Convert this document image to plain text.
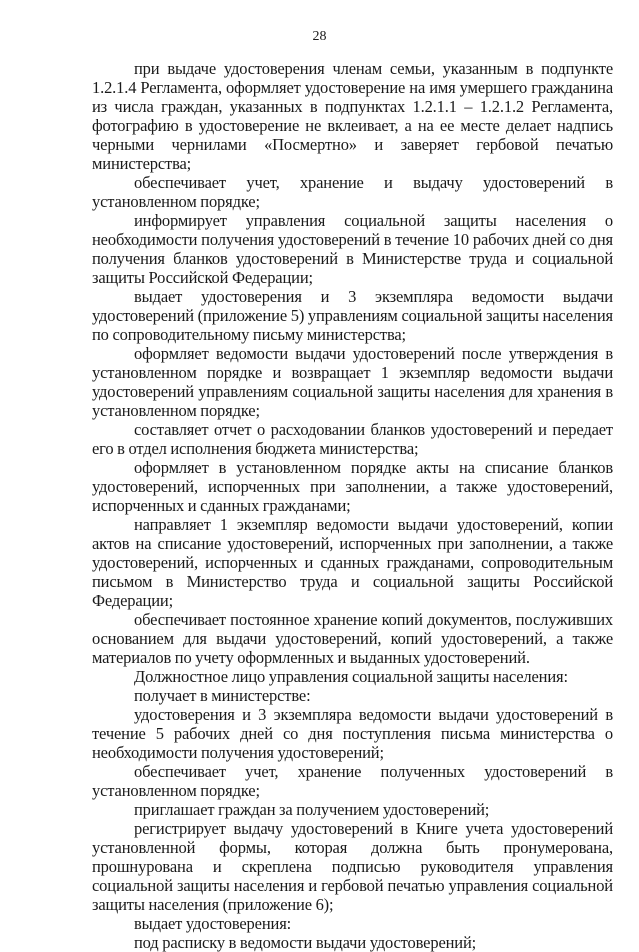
28

при выдаче удостоверения членам семьи, указанным в подпункте 1.2.1.4 Регламента, оформляет удостоверение на имя умершего гражданина из числа граждан, указанных в подпунктах 1.2.1.1 – 1.2.1.2 Регламента, фотографию в удостоверение не вклеивает, а на ее месте делает надпись черными чернилами «Посмертно» и заверяет гербовой печатью министерства;

обеспечивает учет, хранение и выдачу удостоверений в установленном порядке;

информирует управления социальной защиты населения о необходимости получения удостоверений в течение 10 рабочих дней со дня получения бланков удостоверений в Министерстве труда и социальной защиты Российской Федерации;

выдает удостоверения и 3 экземпляра ведомости выдачи удостоверений (приложение 5) управлениям социальной защиты населения по сопроводительному письму министерства;

оформляет ведомости выдачи удостоверений после утверждения в установленном порядке и возвращает 1 экземпляр ведомости выдачи удостоверений управлениям социальной защиты населения для хранения в установленном порядке;

составляет отчет о расходовании бланков удостоверений и передает его в отдел исполнения бюджета министерства;

оформляет в установленном порядке акты на списание бланков удостоверений, испорченных при заполнении, а также удостоверений, испорченных и сданных гражданами;

направляет 1 экземпляр ведомости выдачи удостоверений, копии актов на списание удостоверений, испорченных при заполнении, а также удостоверений, испорченных и сданных гражданами, сопроводительным письмом в Министерство труда и социальной защиты Российской Федерации;

обеспечивает постоянное хранение копий документов, послуживших основанием для выдачи удостоверений, копий удостоверений, а также материалов по учету оформленных и выданных удостоверений.

Должностное лицо управления социальной защиты населения:

получает в министерстве:

удостоверения и 3 экземпляра ведомости выдачи удостоверений в течение 5 рабочих дней со дня поступления письма министерства о необходимости получения удостоверений;

обеспечивает учет, хранение полученных удостоверений в установленном порядке;

приглашает граждан за получением удостоверений;

регистрирует выдачу удостоверений в Книге учета удостоверений установленной формы, которая должна быть пронумерована, прошнурована и скреплена подписью руководителя управления социальной защиты населения и гербовой печатью управления социальной защиты населения (приложение 6);

выдает удостоверения:

под расписку в ведомости выдачи удостоверений;
